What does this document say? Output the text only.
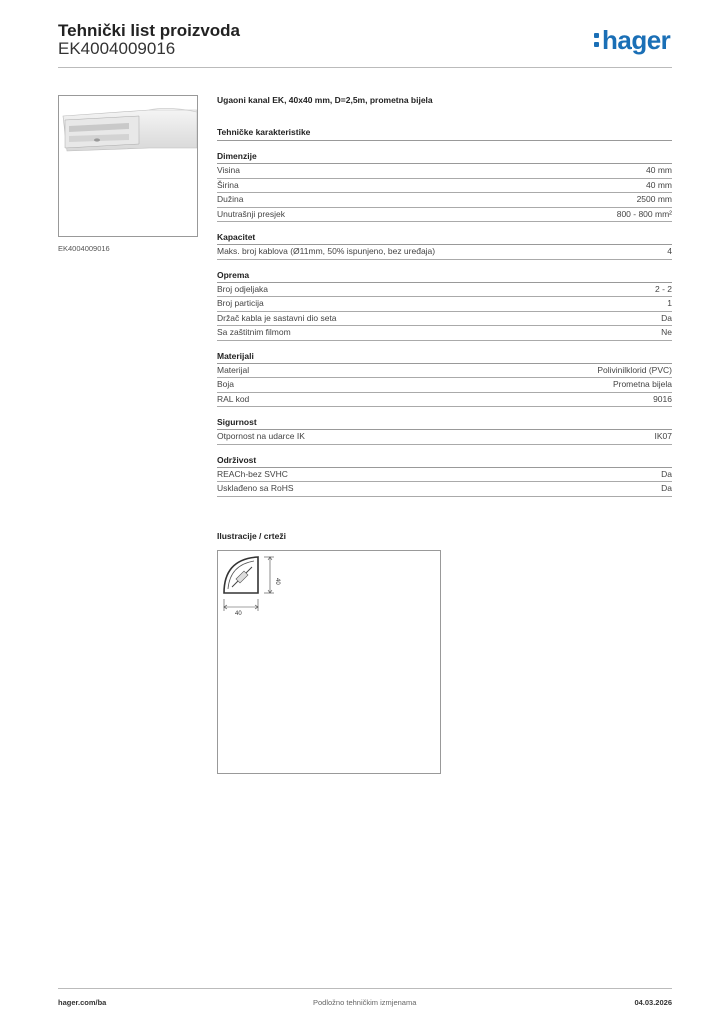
Tehnički list proizvoda
EK4004009016	hager
EK4004009016
Ugaoni kanal EK, 40x40 mm, D=2,5m, prometna bijela
Tehničke karakteristike
Dimenzije
Visina	40 mm
Širina	40 mm
Dužina	2500 mm
Unutrašnji presjek	800 - 800 mm²
Kapacitet
Maks. broj kablova (Ø11mm, 50% ispunjeno, bez uređaja)	4
Oprema
Broj odjeljaka	2 - 2
Broj particija	1
Držač kabla je sastavni dio seta	Da
Sa zaštitnim filmom	Ne
Materijali
Materijal	Polivinilklorid (PVC)
Boja	Prometna bijela
RAL kod	9016
Sigurnost
Otpornost na udarce IK	IK07
Održivost
REACh-bez SVHC	Da
Usklađeno sa RoHS	Da
Ilustracije / crteži
40
40
hager.com/ba	Podložno tehničkim izmjenama	04.03.2026
